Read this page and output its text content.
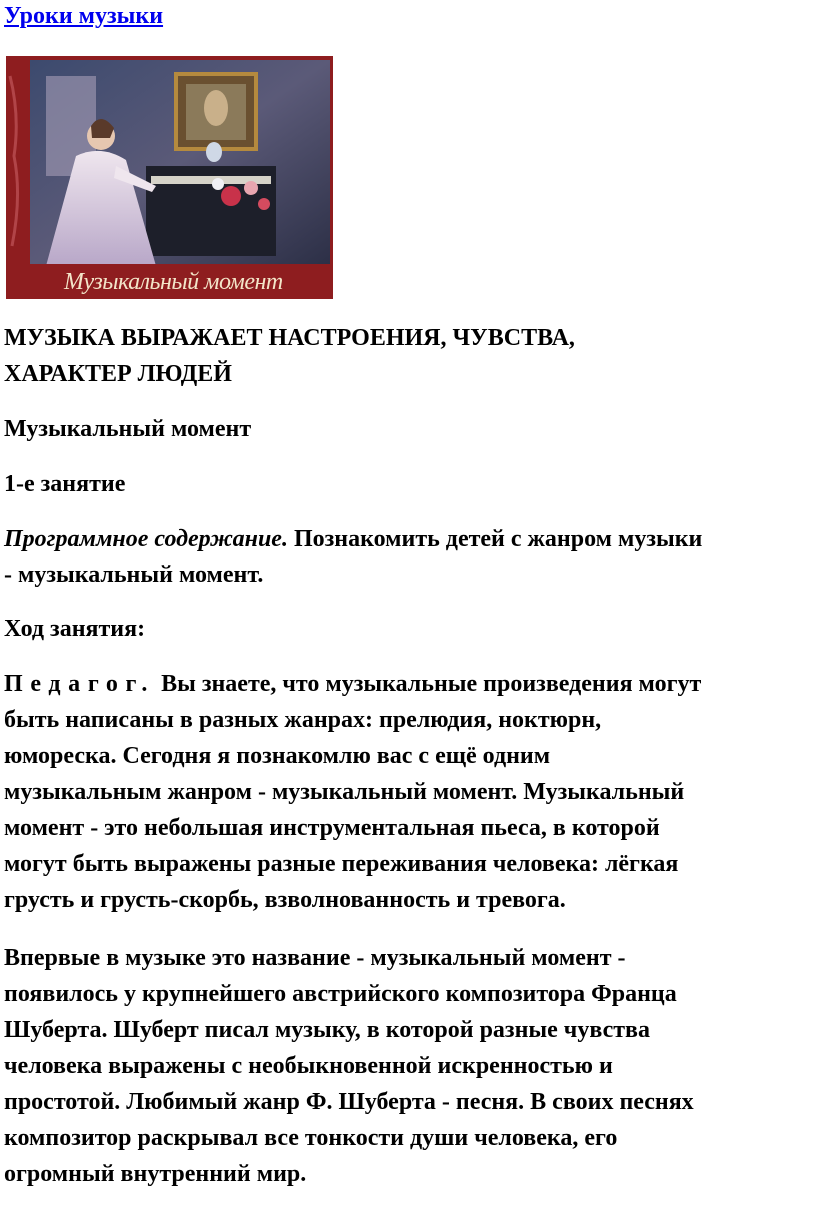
Уроки музыки
Музыкальный момент
МУЗЫКА ВЫРАЖАЕТ НАСТРОЕНИЯ, ЧУВСТВА,
ХАРАКТЕР ЛЮДЕЙ
Музыкальный момент
1-е занятие
Программное содержание. Познакомить детей с жанром музыки
- музыкальный момент.
Ход занятия:
Педагог. Вы знаете, что музыкальные произведения могут
быть написаны в разных жанрах: прелюдия, ноктюрн,
юмореска. Сегодня я познакомлю вас с ещё одним
музыкальным жанром - музыкальный момент. Музыкальный
момент - это небольшая инструментальная пьеса, в которой
могут быть выражены разные переживания человека: лёгкая
грусть и грусть-скорбь, взволнованность и тревога.
Впервые в музыке это название - музыкальный момент -
появилось у крупнейшего австрийского композитора Франца
Шуберта. Шуберт писал музыку, в которой разные чувства
человека выражены с необыкновенной искренностью и
простотой. Любимый жанр Ф. Шуберта - песня. В своих песнях
композитор раскрывал все тонкости души человека, его
огромный внутренний мир.
